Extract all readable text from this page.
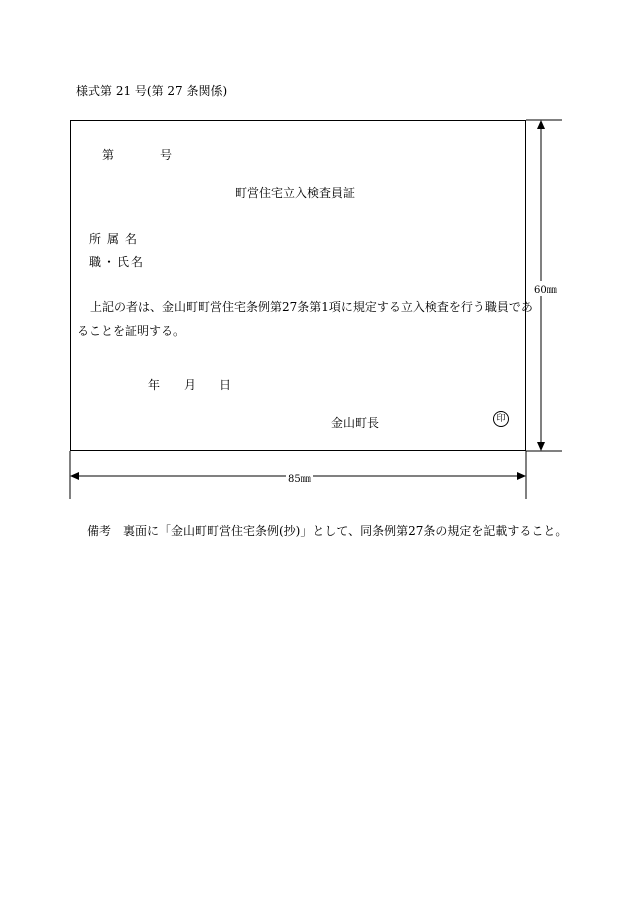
様式第 21 号(第 27 条関係)
第	号
町営住宅立入検査員証
所属名
職・氏名
上記の者は、金山町町営住宅条例第27条第1項に規定する立入検査を行う職員であ
ることを証明する。
年 月 日
金山町長	印
60㎜
85㎜
備考　裏面に「金山町町営住宅条例(抄)」として、同条例第27条の規定を記載すること。
